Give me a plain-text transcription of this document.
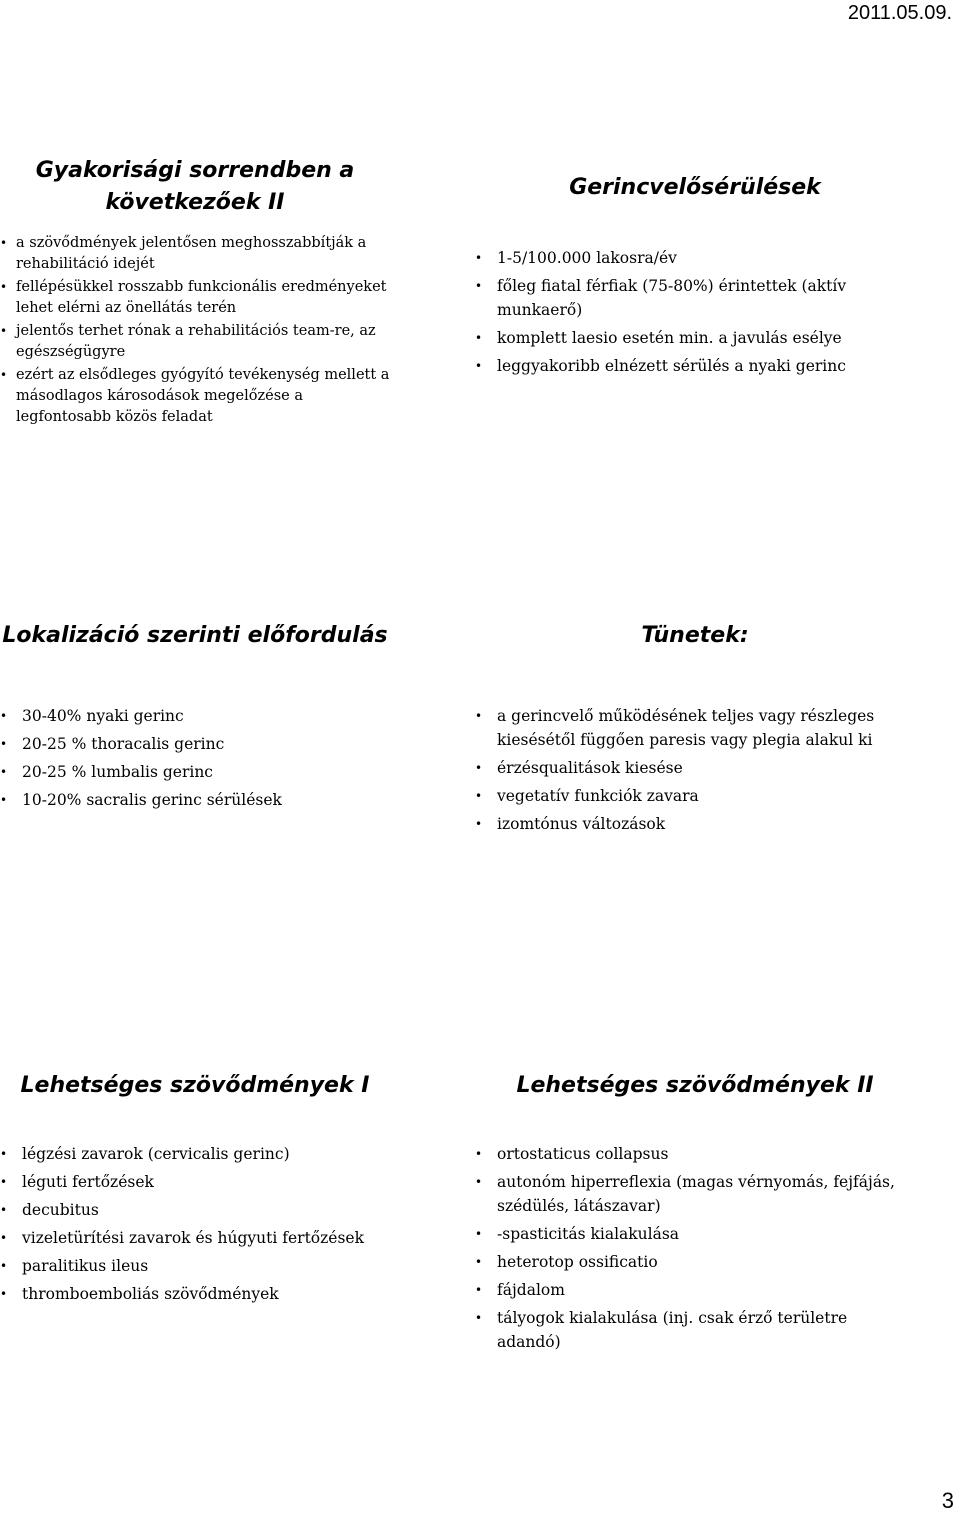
2011.05.09.
Gyakorisági sorrendben a következőek II
• a szövődmények jelentősen meghosszabbítják a rehabilitáció idejét
• fellépésükkel rosszabb funkcionális eredményeket lehet elérni az önellátás terén
• jelentős terhet rónak a rehabilitációs team-re, az egészségügyre
• ezért az elsődleges gyógyító tevékenység mellett a másodlagos károsodások megelőzése a legfontosabb közös feladat
Gerincvelősérülések
• 1-5/100.000 lakosra/év
• főleg fiatal férfiak (75-80%) érintettek (aktív munkaerő)
• komplett laesio esetén min. a javulás esélye
• leggyakoribb elnézett sérülés a nyaki gerinc
Lokalizáció szerinti előfordulás
• 30-40% nyaki gerinc
• 20-25 % thoracalis gerinc
• 20-25 % lumbalis gerinc
• 10-20% sacralis gerinc sérülések
Tünetek:
• a gerincvelő működésének teljes vagy részleges kiesésétől függően paresis vagy plegia alakul ki
• érzésqualitások kiesése
• vegetatív funkciók zavara
• izomtónus változások
Lehetséges szövődmények I
• légzési zavarok (cervicalis gerinc)
• léguti fertőzések
• decubitus
• vizeletürítési zavarok és húgyuti fertőzések
• paralitikus ileus
• thromboemboliás szövődmények
Lehetséges szövődmények II
• ortostaticus collapsus
• autonóm hiperreflexia (magas vérnyomás, fejfájás, szédülés, látászavar)
• -spasticitás kialakulása
• heterotop ossificatio
• fájdalom
• tályogok kialakulása (inj. csak érző területre adandó)
3
